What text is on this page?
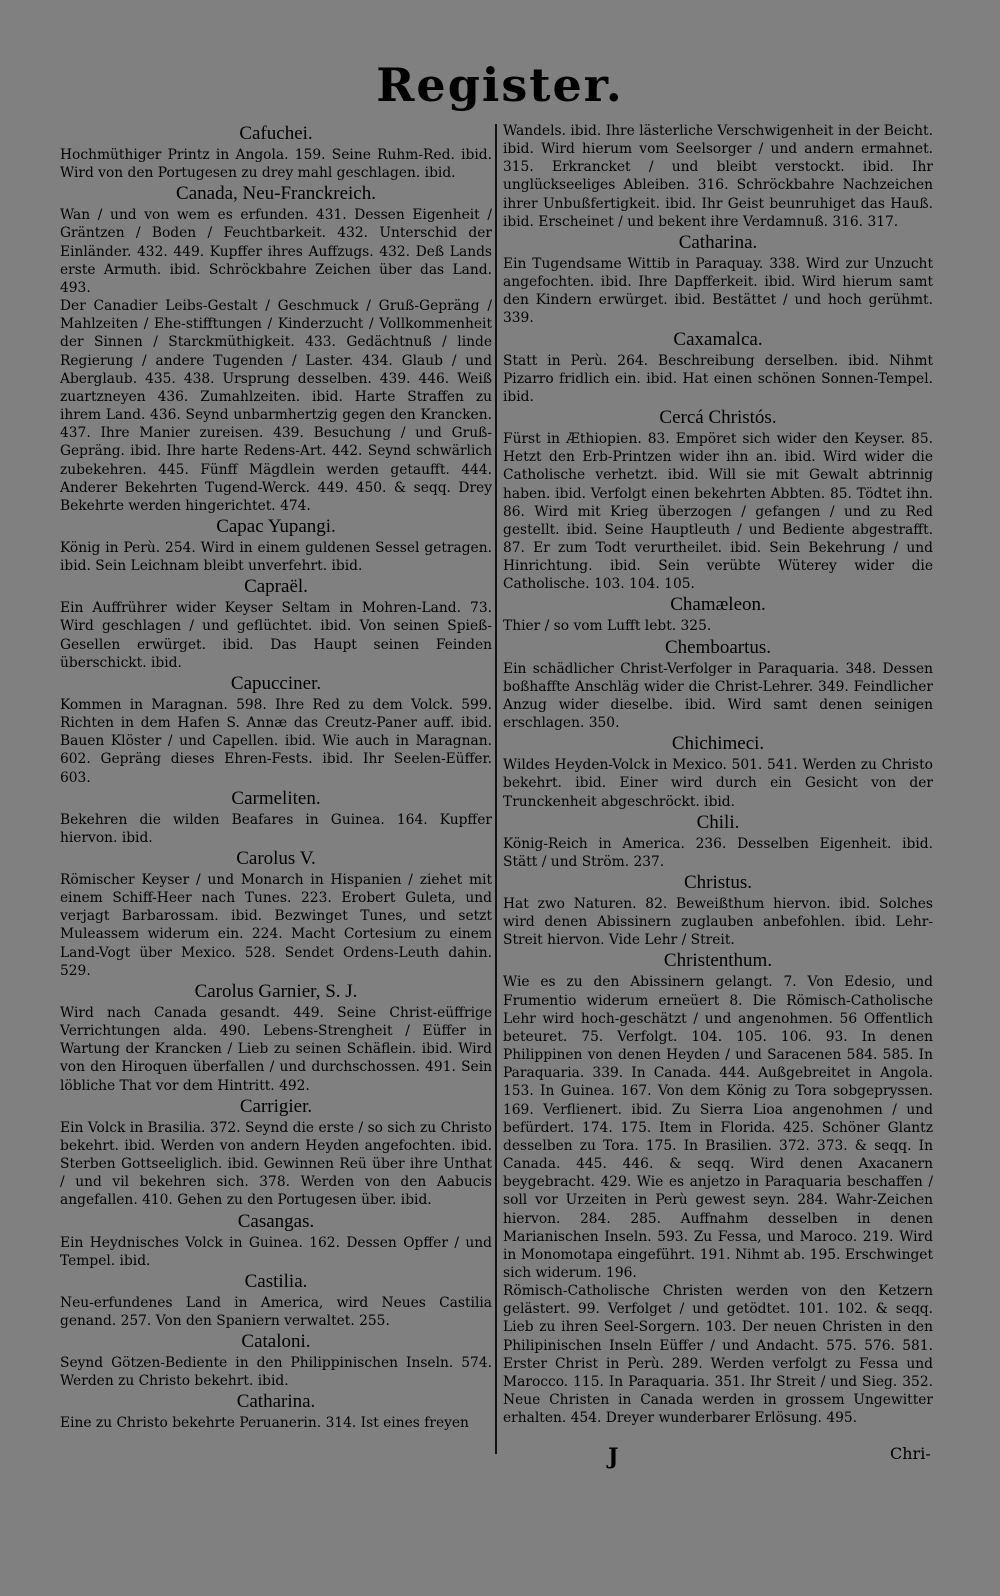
Register.
Cafuchei.

Hochmüthiger Printz in Angola. 159. Seine Ruhm-Red. ibid. Wird von den Portugesen zu drey mahl geschlagen. ibid.

Canada, Neu-Franckreich.

Wan / und von wem es erfunden. 431. Dessen Eigenheit / Gräntzen / Boden / Feuchtbarkeit. 432. Unterschid der Einländer. 432. 449. Kupffer ihres Auffzugs. 432. Deß Lands erste Armuth. ibid. Schröckbahre Zeichen über das Land. 493.

Der Canadier Leibs-Gestalt / Geschmuck / Gruß-Gepräng / Mahlzeiten / Ehe-stifftungen / Kinderzucht / Vollkommenheit der Sinnen / Starckmüthigkeit. 433. Gedächtnuß / linde Regierung / andere Tugenden / Laster. 434. Glaub / und Aberglaub. 435. 438. Ursprung desselben. 439. 446. Weiß zuartzneyen 436. Zumahlzeiten. ibid. Harte Straffen zu ihrem Land. 436. Seynd unbarmhertzig gegen den Krancken. 437. Ihre Manier zureisen. 439. Besuchung / und Gruß-Gepräng. ibid. Ihre harte Redens-Art. 442. Seynd schwärlich zubekehren. 445. Fünff Mägdlein werden getaufft. 444. Anderer Bekehrten Tugend-Werck. 449. 450. & seqq. Drey Bekehrte werden hingerichtet. 474.

Capac Yupangi.

König in Perù. 254. Wird in einem guldenen Sessel getragen. ibid. Sein Leichnam bleibt unverfehrt. ibid.

Capraël.

Ein Auffrührer wider Keyser Seltam in Mohren-Land. 73. Wird geschlagen / und geflüchtet. ibid. Von seinen Spieß-Gesellen erwürget. ibid. Das Haupt seinen Feinden überschickt. ibid.

Capucciner.

Kommen in Maragnan. 598. Ihre Red zu dem Volck. 599. Richten in dem Hafen S. Annæ das Creutz-Paner auff. ibid. Bauen Klöster / und Capellen. ibid. Wie auch in Maragnan. 602. Gepräng dieses Ehren-Fests. ibid. Ihr Seelen-Eüffer. 603.

Carmeliten.

Bekehren die wilden Beafares in Guinea. 164. Kupffer hiervon. ibid.

Carolus V.

Römischer Keyser / und Monarch in Hispanien / ziehet mit einem Schiff-Heer nach Tunes. 223. Erobert Guleta, und verjagt Barbarossam. ibid. Bezwinget Tunes, und setzt Muleassem widerum ein. 224. Macht Cortesium zu einem Land-Vogt über Mexico. 528. Sendet Ordens-Leuth dahin. 529.

Carolus Garnier, S. J.

Wird nach Canada gesandt. 449. Seine Christ-eüffrige Verrichtungen alda. 490. Lebens-Strengheit / Eüffer in Wartung der Krancken / Lieb zu seinen Schäflein. ibid. Wird von den Hiroquen überfallen / und durchschossen. 491. Sein löbliche That vor dem Hintritt. 492.

Carrigier.

Ein Volck in Brasilia. 372. Seynd die erste / so sich zu Christo bekehrt. ibid. Werden von andern Heyden angefochten. ibid. Sterben Gottseeliglich. ibid. Gewinnen Reü über ihre Unthat / und vil bekehren sich. 378. Werden von den Aabucis angefallen. 410. Gehen zu den Portugesen über. ibid.

Casangas.

Ein Heydnisches Volck in Guinea. 162. Dessen Opffer / und Tempel. ibid.

Castilia.

Neu-erfundenes Land in America, wird Neues Castilia genand. 257. Von den Spaniern verwaltet. 255.

Cataloni.

Seynd Götzen-Bediente in den Philippinischen Inseln. 574. Werden zu Christo bekehrt. ibid.

Catharina.

Eine zu Christo bekehrte Peruanerin. 314. Ist eines freyen

Wandels. ibid. Ihre lästerliche Verschwigenheit in der Beicht. ibid. Wird hierum vom Seelsorger / und andern ermahnet. 315. Erkrancket / und bleibt verstockt. ibid. Ihr unglückseeliges Ableiben. 316. Schröckbahre Nachzeichen ihrer Unbußfertigkeit. ibid. Ihr Geist beunruhiget das Hauß. ibid. Erscheinet / und bekent ihre Verdamnuß. 316. 317.

Catharina.

Ein Tugendsame Wittib in Paraquay. 338. Wird zur Unzucht angefochten. ibid. Ihre Dapfferkeit. ibid. Wird hierum samt den Kindern erwürget. ibid. Bestättet / und hoch gerühmt. 339.

Caxamalca.

Statt in Perù. 264. Beschreibung derselben. ibid. Nihmt Pizarro fridlich ein. ibid. Hat einen schönen Sonnen-Tempel. ibid.

Cercá Christós.

Fürst in Æthiopien. 83. Empöret sich wider den Keyser. 85. Hetzt den Erb-Printzen wider ihn an. ibid. Wird wider die Catholische verhetzt. ibid. Will sie mit Gewalt abtrinnig haben. ibid. Verfolgt einen bekehrten Abbten. 85. Tödtet ihn. 86. Wird mit Krieg überzogen / gefangen / und zu Red gestellt. ibid. Seine Hauptleuth / und Bediente abgestrafft. 87. Er zum Todt verurtheilet. ibid. Sein Bekehrung / und Hinrichtung. ibid. Sein verübte Wüterey wider die Catholische. 103. 104. 105.

Chamæleon.

Thier / so vom Lufft lebt. 325.

Chemboartus.

Ein schädlicher Christ-Verfolger in Paraquaria. 348. Dessen boßhaffte Anschläg wider die Christ-Lehrer. 349. Feindlicher Anzug wider dieselbe. ibid. Wird samt denen seinigen erschlagen. 350.

Chichimeci.

Wildes Heyden-Volck in Mexico. 501. 541. Werden zu Christo bekehrt. ibid. Einer wird durch ein Gesicht von der Trunckenheit abgeschröckt. ibid.

Chili.

König-Reich in America. 236. Desselben Eigenheit. ibid. Stätt / und Ström. 237.

Christus.

Hat zwo Naturen. 82. Beweißthum hiervon. ibid. Solches wird denen Abissinern zuglauben anbefohlen. ibid. Lehr-Streit hiervon. Vide Lehr / Streit.

Christenthum.

Wie es zu den Abissinern gelangt. 7. Von Edesio, und Frumentio widerum erneüert 8. Die Römisch-Catholische Lehr wird hoch-geschätzt / und angenohmen. 56 Offentlich beteuret. 75. Verfolgt. 104. 105. 106. 93. In denen Philippinen von denen Heyden / und Saracenen 584. 585. In Paraquaria. 339. In Canada. 444. Außgebreitet in Angola. 153. In Guinea. 167. Von dem König zu Tora sobgepryssen. 169. Verflienert. ibid. Zu Sierra Lioa angenohmen / und befürdert. 174. 175. Item in Florida. 425. Schöner Glantz desselben zu Tora. 175. In Brasilien. 372. 373. & seqq. In Canada. 445. 446. & seqq. Wird denen Axacanern beygebracht. 429. Wie es anjetzo in Paraquaria beschaffen / soll vor Urzeiten in Perù gewest seyn. 284. Wahr-Zeichen hiervon. 284. 285. Auffnahm desselben in denen Marianischen Inseln. 593. Zu Fessa, und Maroco. 219. Wird in Monomotapa eingeführt. 191. Nihmt ab. 195. Erschwinget sich widerum. 196.

Römisch-Catholische Christen werden von den Ketzern gelästert. 99. Verfolget / und getödtet. 101. 102. & seqq. Lieb zu ihren Seel-Sorgern. 103. Der neuen Christen in den Philipinischen Inseln Eüffer / und Andacht. 575. 576. 581. Erster Christ in Perù. 289. Werden verfolgt zu Fessa und Marocco. 115. In Paraquaria. 351. Ihr Streit / und Sieg. 352. Neue Christen in Canada werden in grossem Ungewitter erhalten. 454. Dreyer wunderbarer Erlösung. 495.

J	Chri-
